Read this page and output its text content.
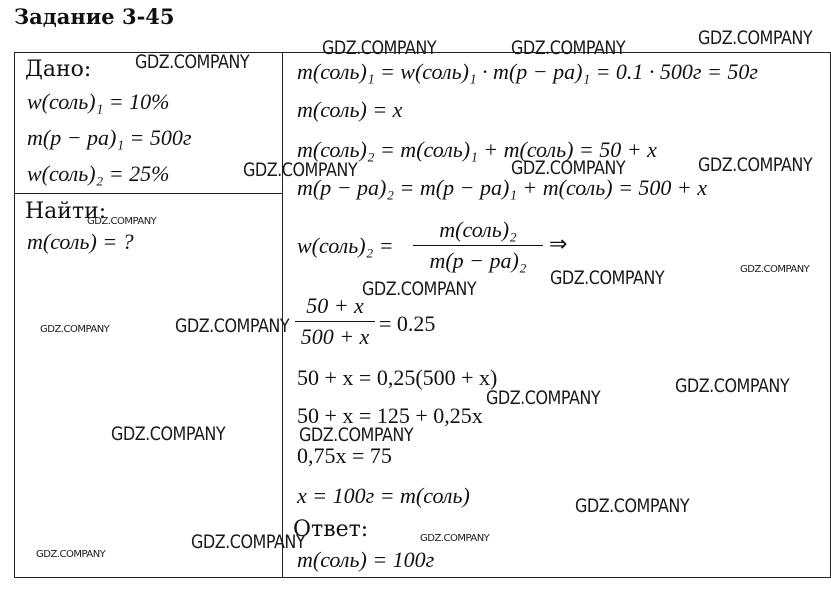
Задание 3-45
Дано:
w(соль)₁ = 10%
m(р − ра)₁ = 500г
w(соль)₂ = 25%
Найти:
m(соль) = ?
m(соль)₁ = w(соль)₁ · m(р − ра)₁ = 0.1 · 500г = 50г
m(соль) = x
m(соль)₂ = m(соль)₁ + m(соль) = 50 + x
m(р − ра)₂ = m(р − ра)₁ + m(соль) = 500 + x
w(соль)₂ =
m(соль)₂
m(р − ра)₂
⇒
50 + x
500 + x
= 0.25
50 + x = 0,25(500 + x)
50 + x = 125 + 0,25x
0,75x = 75
x = 100г = m(соль)
Ответ:
m(соль) = 100г
GDZ.COMPANY	GDZ.COMPANY	GDZ.COMPANY
GDZ.COMPANY
GDZ.COMPANY	GDZ.COMPANY	GDZ.COMPANY
GDZ.COMPANY
GDZ.COMPANY	GDZ.COMPANY
GDZ.COMPANY
GDZ.COMPANY	GDZ.COMPANY
GDZ.COMPANY
GDZ.COMPANY
GDZ.COMPANY	GDZ.COMPANY
GDZ.COMPANY
GDZ.COMPANY	GDZ.COMPANY
GDZ.COMPANY
